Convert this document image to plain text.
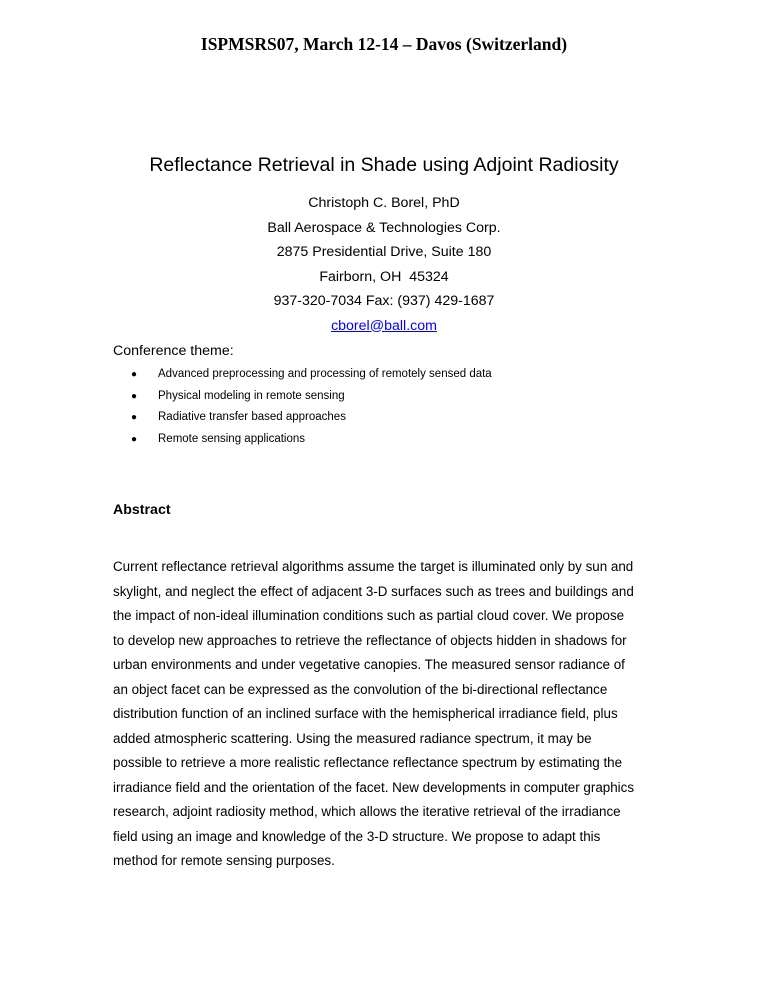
ISPMSRS07, March 12-14 – Davos (Switzerland)
Reflectance Retrieval in Shade using Adjoint Radiosity
Christoph C. Borel, PhD
Ball Aerospace & Technologies Corp.
2875 Presidential Drive, Suite 180
Fairborn, OH  45324
937-320-7034 Fax: (937) 429-1687
cborel@ball.com
Conference theme:
● Advanced preprocessing and processing of remotely sensed data
● Physical modeling in remote sensing
● Radiative transfer based approaches
● Remote sensing applications
Abstract
Current reflectance retrieval algorithms assume the target is illuminated only by sun and
skylight, and neglect the effect of adjacent 3-D surfaces such as trees and buildings and
the impact of non-ideal illumination conditions such as partial cloud cover. We propose
to develop new approaches to retrieve the reflectance of objects hidden in shadows for
urban environments and under vegetative canopies. The measured sensor radiance of
an object facet can be expressed as the convolution of the bi-directional reflectance
distribution function of an inclined surface with the hemispherical irradiance field, plus
added atmospheric scattering. Using the measured radiance spectrum, it may be
possible to retrieve a more realistic reflectance reflectance spectrum by estimating the
irradiance field and the orientation of the facet. New developments in computer graphics
research, adjoint radiosity method, which allows the iterative retrieval of the irradiance
field using an image and knowledge of the 3-D structure. We propose to adapt this
method for remote sensing purposes.
